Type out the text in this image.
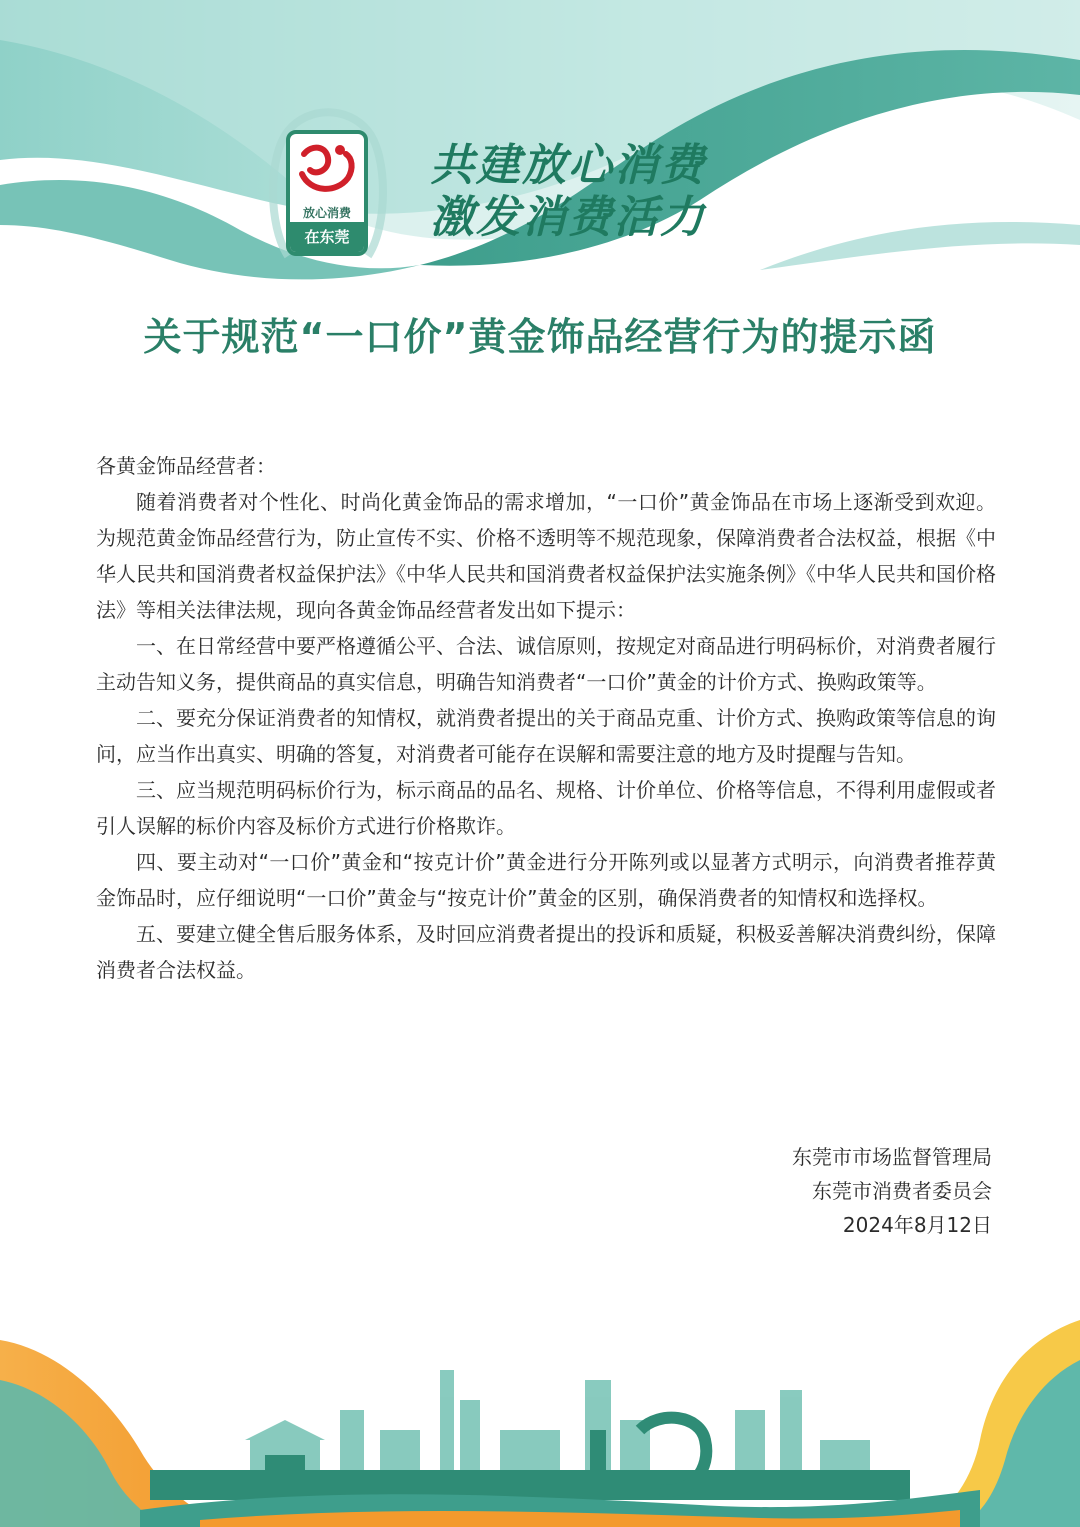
放心消费
在东莞
共建放心消费
激发消费活力
关于规范“一口价”黄金饰品经营行为的提示函

各黄金饰品经营者：

随着消费者对个性化、时尚化黄金饰品的需求增加，“一口价”黄金饰品在市场上逐渐受到欢迎。为规范黄金饰品经营行为，防止宣传不实、价格不透明等不规范现象，保障消费者合法权益，根据《中华人民共和国消费者权益保护法》《中华人民共和国消费者权益保护法实施条例》《中华人民共和国价格法》等相关法律法规，现向各黄金饰品经营者发出如下提示：

一、在日常经营中要严格遵循公平、合法、诚信原则，按规定对商品进行明码标价，对消费者履行主动告知义务，提供商品的真实信息，明确告知消费者“一口价”黄金的计价方式、换购政策等。

二、要充分保证消费者的知情权，就消费者提出的关于商品克重、计价方式、换购政策等信息的询问，应当作出真实、明确的答复，对消费者可能存在误解和需要注意的地方及时提醒与告知。

三、应当规范明码标价行为，标示商品的品名、规格、计价单位、价格等信息，不得利用虚假或者引人误解的标价内容及标价方式进行价格欺诈。

四、要主动对“一口价”黄金和“按克计价”黄金进行分开陈列或以显著方式明示，向消费者推荐黄金饰品时，应仔细说明“一口价”黄金与“按克计价”黄金的区别，确保消费者的知情权和选择权。

五、要建立健全售后服务体系，及时回应消费者提出的投诉和质疑，积极妥善解决消费纠纷，保障消费者合法权益。

东莞市市场监督管理局
东莞市消费者委员会
2024年8月12日
